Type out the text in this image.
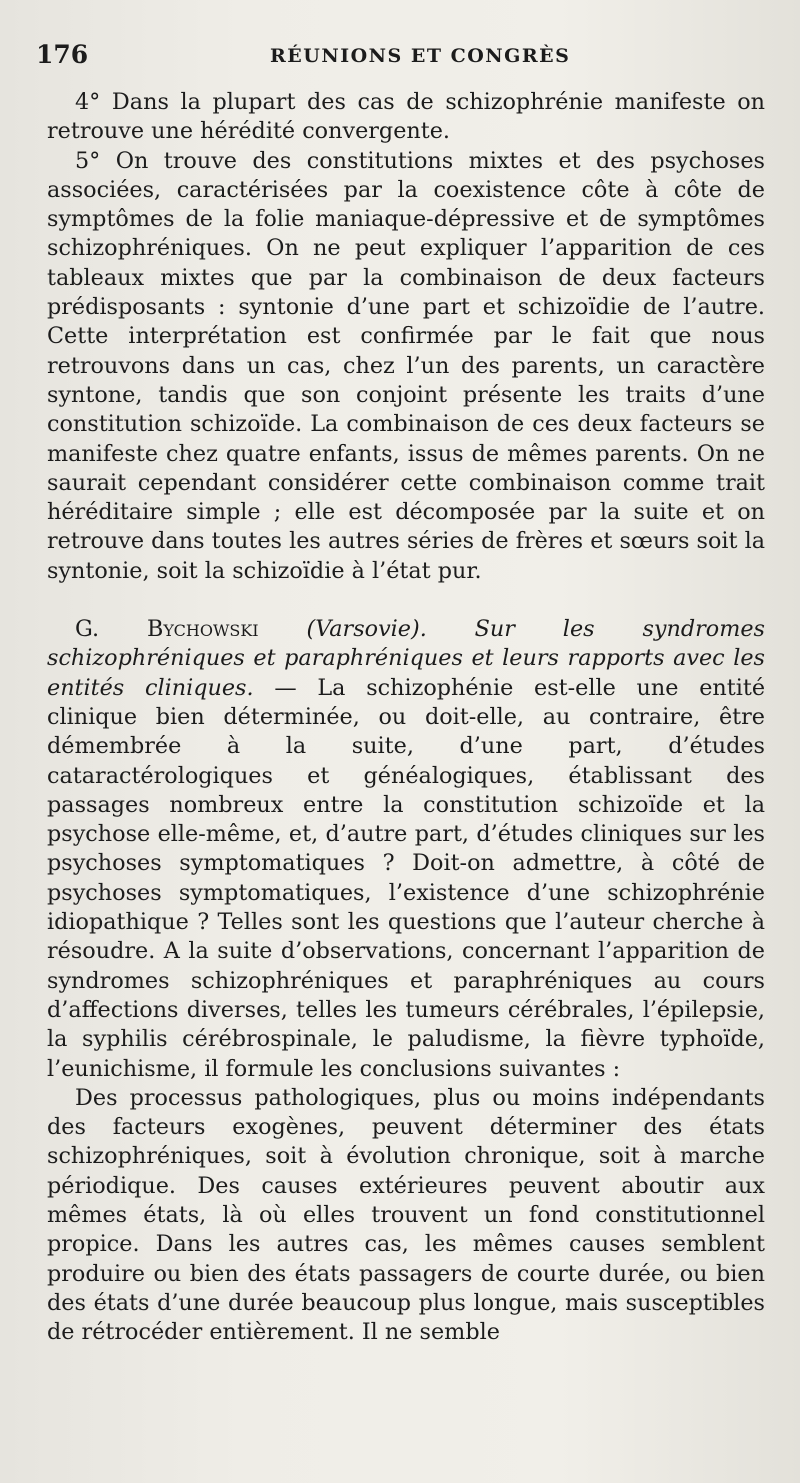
176	RÉUNIONS ET CONGRÈS

4° Dans la plupart des cas de schizophrénie manifeste on retrouve une hérédité convergente.

5° On trouve des constitutions mixtes et des psychoses associées, caractérisées par la coexistence côte à côte de symptômes de la folie maniaque-dépressive et de symptômes schizophréniques. On ne peut expliquer l’apparition de ces tableaux mixtes que par la combinaison de deux facteurs prédisposants : syntonie d’une part et schizoïdie de l’autre. Cette interprétation est confirmée par le fait que nous retrouvons dans un cas, chez l’un des parents, un caractère syntone, tandis que son conjoint présente les traits d’une constitution schizoïde. La combinaison de ces deux facteurs se manifeste chez quatre enfants, issus de mêmes parents. On ne saurait cependant considérer cette combinaison comme trait héréditaire simple ; elle est décomposée par la suite et on retrouve dans toutes les autres séries de frères et sœurs soit la syntonie, soit la schizoïdie à l’état pur.

G. Bychowski (Varsovie). Sur les syndromes schizophréniques et paraphréniques et leurs rapports avec les entités cliniques. — La schizophénie est-elle une entité clinique bien déterminée, ou doit-elle, au contraire, être démembrée à la suite, d’une part, d’études cataractérologiques et généalogiques, établissant des passages nombreux entre la constitution schizoïde et la psychose elle-même, et, d’autre part, d’études cliniques sur les psychoses symptomatiques ? Doit-on admettre, à côté de psychoses symptomatiques, l’existence d’une schizophrénie idiopathique ? Telles sont les questions que l’auteur cherche à résoudre. A la suite d’observations, concernant l’apparition de syndromes schizophréniques et paraphréniques au cours d’affections diverses, telles les tumeurs cérébrales, l’épilepsie, la syphilis cérébrospinale, le paludisme, la fièvre typhoïde, l’eunichisme, il formule les conclusions suivantes :

Des processus pathologiques, plus ou moins indépendants des facteurs exogènes, peuvent déterminer des états schizophréniques, soit à évolution chronique, soit à marche périodique. Des causes extérieures peuvent aboutir aux mêmes états, là où elles trouvent un fond constitutionnel propice. Dans les autres cas, les mêmes causes semblent produire ou bien des états passagers de courte durée, ou bien des états d’une durée beaucoup plus longue, mais susceptibles de rétrocéder entièrement. Il ne semble
